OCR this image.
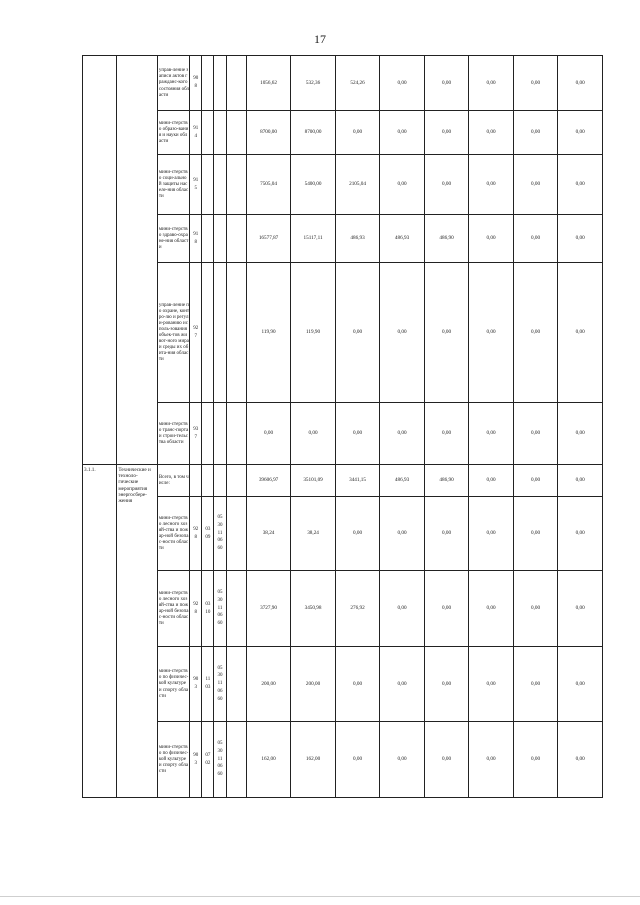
17
		управ-ление записи актов гражданс-кого состояния области	908				1056,62	532,36	524,26	0,00	0,00	0,00	0,00	0,00
		мини-стерство образо-вания и науки области	914				8700,00	8700,00	0,00	0,00	0,00	0,00	0,00	0,00
		мини-стерство соци-альной защиты населе-ния области	915				7505,04	5400,00	2105,04	0,00	0,00	0,00	0,00	0,00
		мини-стерство здраво-охране-ния области	918				16577,87	15117,11	486,93	486,93	486,90	0,00	0,00	0,00
		управ-ление по охране, контро-лю и регули-рованию исполь-зования объек-тов живот-ного мира и среды их обита-ния области	927				119,90	119,90	0,00	0,00	0,00	0,00	0,00	0,00
		мини-стерство транс-порта и строи-тельства области	937				0,00	0,00	0,00	0,00	0,00	0,00	0,00	0,00
3.1.1.	Технические и техноло-гические мероприятия энергосбере-жения	Всего, в том числе:					39606,97	35101,09	3441,15	486,93	486,90	0,00	0,00	0,00
		мини-стерство лесного хозяй-ства и пожар-ной безопас-ности области	928	0309	0530110660		38,24	38,24	0,00	0,00	0,00	0,00	0,00	0,00
		мини-стерство лесного хозяй-ства и пожар-ной безопас-ности области	928	0310	0530110660		3727,90	3450,98	276,92	0,00	0,00	0,00	0,00	0,00
		мини-стерство по физичес-кой культуре и спорту области	903	1103	0530110660		200,00	200,00	0,00	0,00	0,00	0,00	0,00	0,00
		мини-стерство по физичес-кой культуре и спорту области	903	0702	0530110660		162,00	162,00	0,00	0,00	0,00	0,00	0,00	0,00
